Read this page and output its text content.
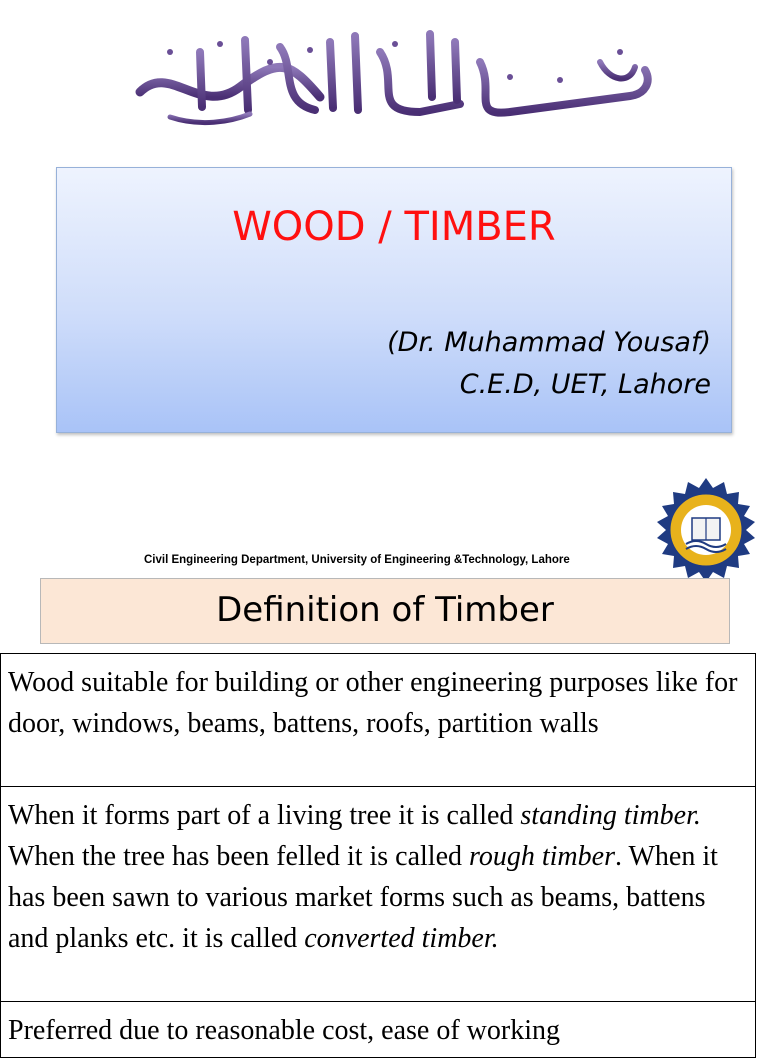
WOOD / TIMBER
(Dr. Muhammad Yousaf)
C.E.D, UET, Lahore
Civil Engineering Department, University of Engineering &Technology, Lahore
Definition of Timber
Wood suitable for building or other engineering purposes like for door, windows, beams, battens, roofs, partition walls
When it forms part of a living tree it is called standing timber. When the tree has been felled it is called rough timber. When it has been sawn to various market forms such as beams, battens and planks etc. it is called converted timber.
Preferred due to reasonable cost, ease of working
